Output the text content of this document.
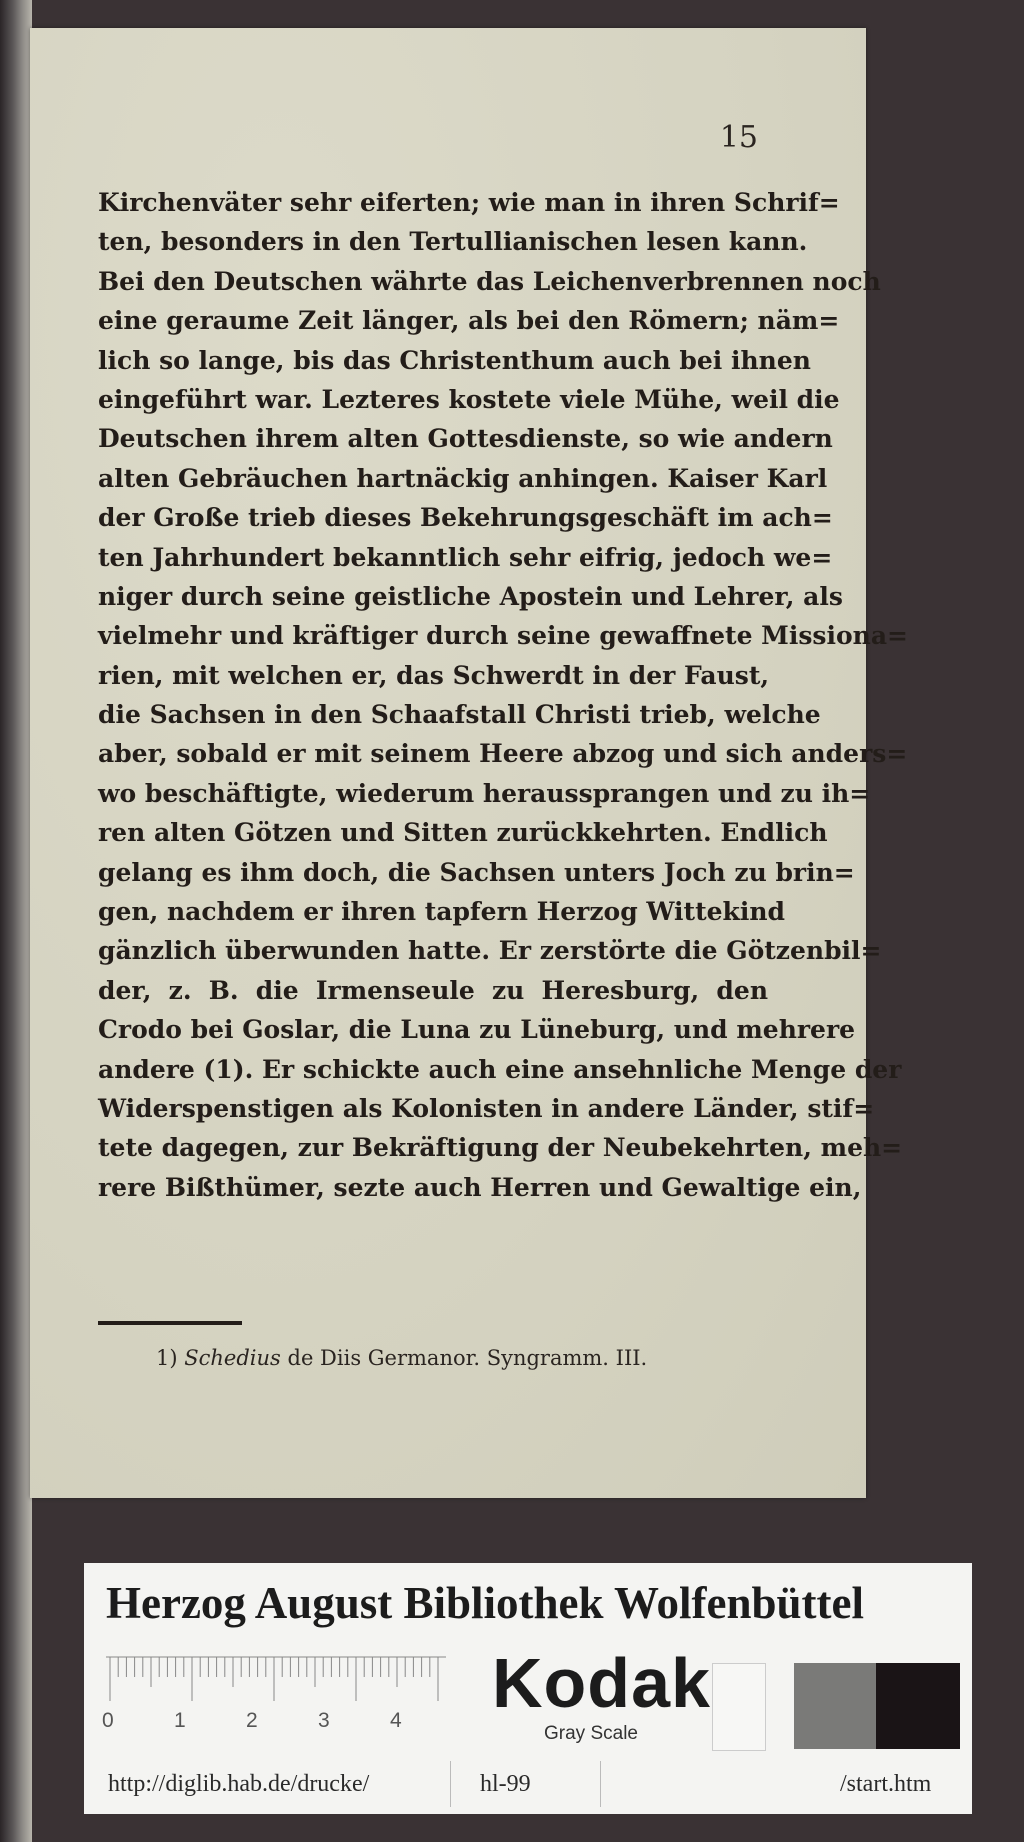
15
Kirchenväter sehr eiferten; wie man in ihren Schrif=
ten, besonders in den Tertullianischen lesen kann.
Bei den Deutschen währte das Leichenverbrennen noch
eine geraume Zeit länger, als bei den Römern; näm=
lich so lange, bis das Christenthum auch bei ihnen
eingeführt war. Lezteres kostete viele Mühe, weil die
Deutschen ihrem alten Gottesdienste, so wie andern
alten Gebräuchen hartnäckig anhingen. Kaiser Karl
der Große trieb dieses Bekehrungsgeschäft im ach=
ten Jahrhundert bekanntlich sehr eifrig, jedoch we=
niger durch seine geistliche Apostein und Lehrer, als
vielmehr und kräftiger durch seine gewaffnete Missiona=
rien, mit welchen er, das Schwerdt in der Faust,
die Sachsen in den Schaafstall Christi trieb, welche
aber, sobald er mit seinem Heere abzog und sich anders=
wo beschäftigte, wiederum heraussprangen und zu ih=
ren alten Götzen und Sitten zurückkehrten. Endlich
gelang es ihm doch, die Sachsen unters Joch zu brin=
gen, nachdem er ihren tapfern Herzog Wittekind
gänzlich überwunden hatte. Er zerstörte die Götzenbil=
der, z. B. die Irmenseule zu Heresburg, den
Crodo bei Goslar, die Luna zu Lüneburg, und mehrere
andere (1). Er schickte auch eine ansehnliche Menge der
Widerspenstigen als Kolonisten in andere Länder, stif=
tete dagegen, zur Bekräftigung der Neubekehrten, meh=
rere Bißthümer, sezte auch Herren und Gewaltige ein,
1) Schedius de Diis Germanor. Syngramm. III.
Herzog August Bibliothek Wolfenbüttel
0	1	2	3	4 Kodak
Gray Scale
http://diglib.hab.de/drucke/	hl-99	/start.htm
